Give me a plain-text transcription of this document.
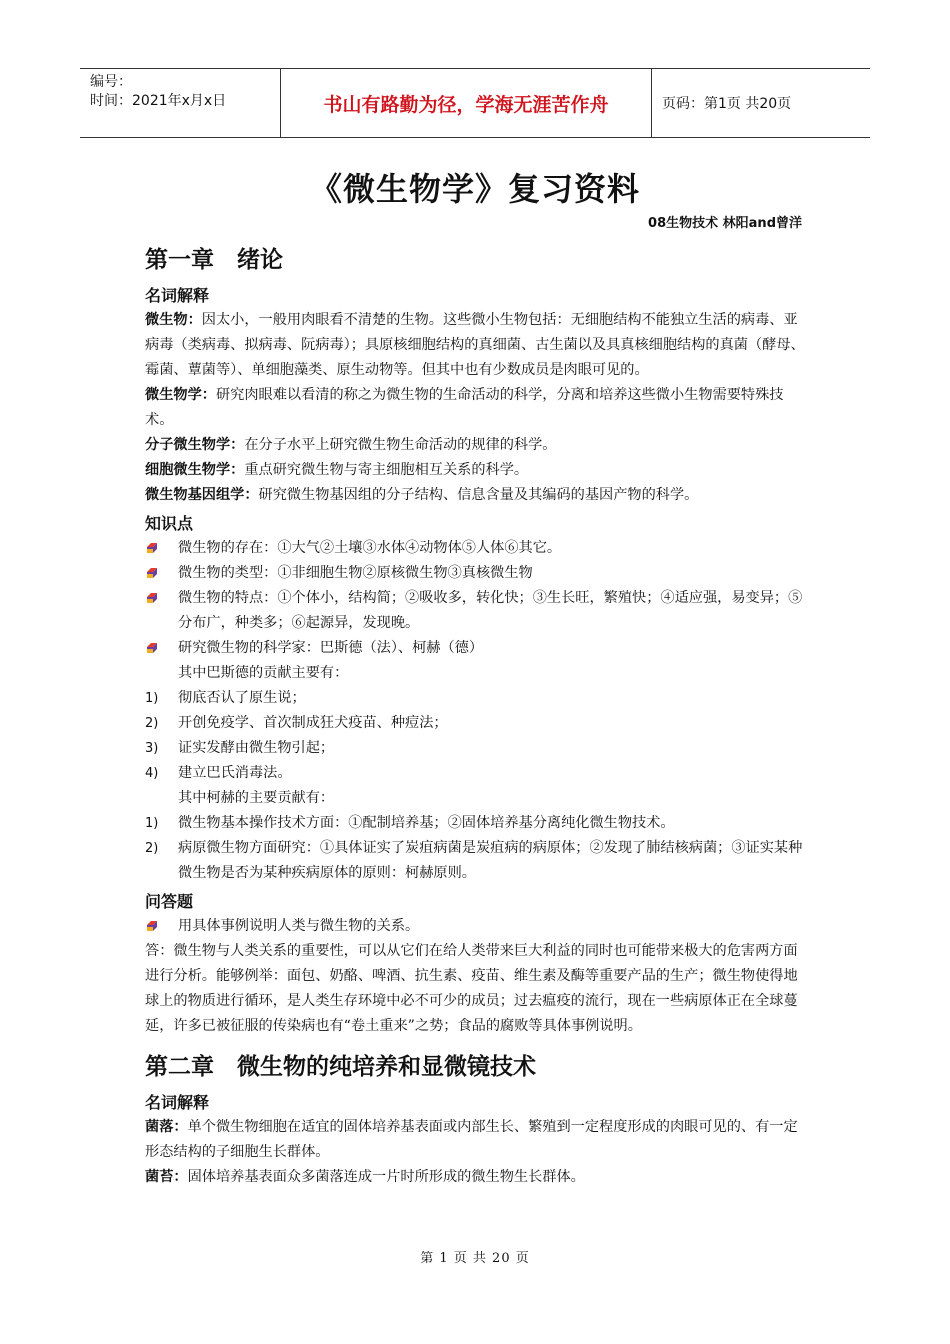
编号：
时间：2021年x月x日	书山有路勤为径，学海无涯苦作舟	页码：第1页 共20页
《微生物学》复习资料
08生物技术 林阳and曾洋
第一章　绪论
名词解释

微生物：因太小，一般用肉眼看不清楚的生物。这些微小生物包括：无细胞结构不能独立生活的病毒、亚病毒（类病毒、拟病毒、阮病毒）；具原核细胞结构的真细菌、古生菌以及具真核细胞结构的真菌（酵母、霉菌、蕈菌等）、单细胞藻类、原生动物等。但其中也有少数成员是肉眼可见的。

微生物学：研究肉眼难以看清的称之为微生物的生命活动的科学，分离和培养这些微小生物需要特殊技术。

分子微生物学：在分子水平上研究微生物生命活动的规律的科学。

细胞微生物学：重点研究微生物与寄主细胞相互关系的科学。

微生物基因组学：研究微生物基因组的分子结构、信息含量及其编码的基因产物的科学。

知识点

微生物的存在：①大气②土壤③水体④动物体⑤人体⑥其它。

微生物的类型：①非细胞生物②原核微生物③真核微生物

微生物的特点：①个体小，结构简；②吸收多，转化快；③生长旺，繁殖快；④适应强，易变异；⑤分布广，种类多；⑥起源异，发现晚。

研究微生物的科学家：巴斯德（法）、柯赫（德）

其中巴斯德的贡献主要有：

1) 彻底否认了原生说；

2) 开创免疫学、首次制成狂犬疫苗、种痘法；

3) 证实发酵由微生物引起；

4) 建立巴氏消毒法。

其中柯赫的主要贡献有：

1) 微生物基本操作技术方面：①配制培养基；②固体培养基分离纯化微生物技术。

2) 病原微生物方面研究：①具体证实了炭疽病菌是炭疽病的病原体；②发现了肺结核病菌；③证实某种微生物是否为某种疾病原体的原则：柯赫原则。

问答题

用具体事例说明人类与微生物的关系。

答：微生物与人类关系的重要性，可以从它们在给人类带来巨大利益的同时也可能带来极大的危害两方面进行分析。能够例举：面包、奶酪、啤酒、抗生素、疫苗、维生素及酶等重要产品的生产；微生物使得地球上的物质进行循环，是人类生存环境中必不可少的成员；过去瘟疫的流行，现在一些病原体正在全球蔓延，许多已被征服的传染病也有“卷土重来”之势；食品的腐败等具体事例说明。

第二章　微生物的纯培养和显微镜技术
名词解释

菌落：单个微生物细胞在适宜的固体培养基表面或内部生长、繁殖到一定程度形成的肉眼可见的、有一定形态结构的子细胞生长群体。

菌苔：固体培养基表面众多菌落连成一片时所形成的微生物生长群体。

第 1 页 共 20 页
